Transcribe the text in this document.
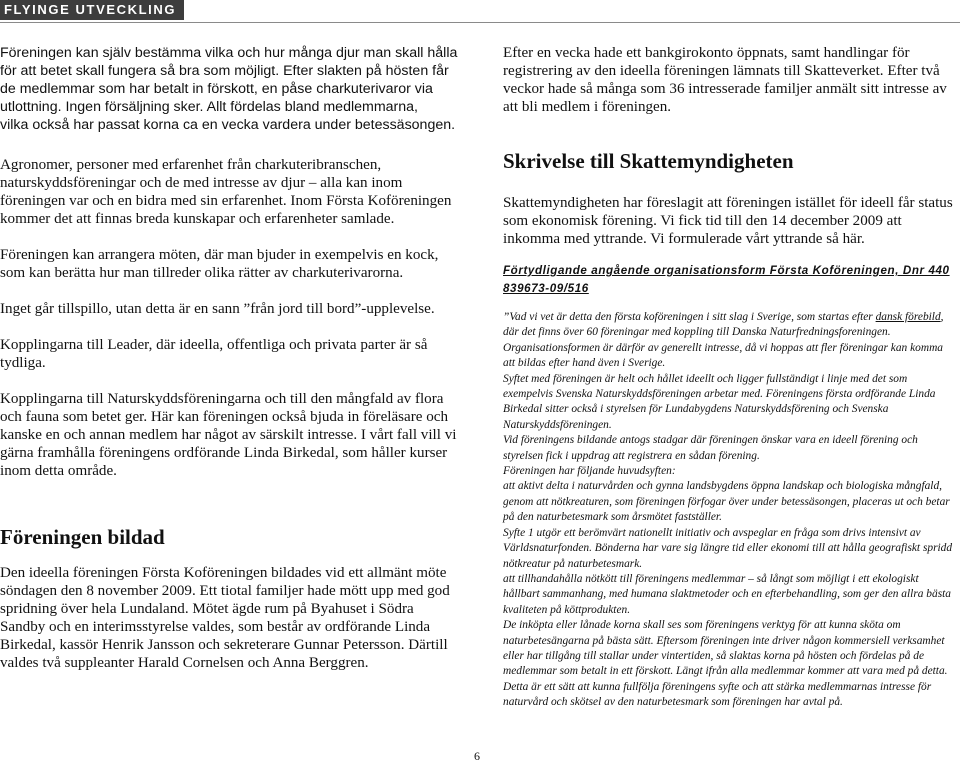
FLYINGE UTVECKLING

Föreningen kan själv bestämma vilka och hur många djur man skall hålla

för att betet skall fungera så bra som möjligt. Efter slakten på hösten får

de medlemmar som har betalt in förskott, en påse charkuterivaror via

utlottning. Ingen försäljning sker. Allt fördelas bland medlemmarna,

vilka också har passat korna ca en vecka vardera under betessäsongen.

Agronomer, personer med erfarenhet från charkuteribranschen, naturskyddsföreningar och de med intresse av djur – alla kan inom föreningen var och en bidra med sin erfarenhet. Inom Första Koföreningen kommer det att finnas breda kunskapar och erfarenheter samlade.

Föreningen kan arrangera möten, där man bjuder in exempelvis en kock, som kan berätta hur man tillreder olika rätter av charkuterivarorna.

Inget går tillspillo, utan detta är en sann ”från jord till bord”-upplevelse.

Kopplingarna till Leader, där ideella, offentliga och privata parter är så tydliga.

Kopplingarna till Naturskyddsföreningarna och till den mångfald av flora och fauna som betet ger. Här kan föreningen också bjuda in föreläsare och kanske en och annan medlem har något av särskilt intresse. I vårt fall vill vi gärna framhålla föreningens ordförande Linda Birkedal, som håller kurser inom detta område.

Föreningen bildad

Den ideella föreningen Första Koföreningen bildades vid ett allmänt möte söndagen den 8 november 2009. Ett tiotal familjer hade mött upp med god spridning över hela Lundaland. Mötet ägde rum på Byahuset i Södra Sandby och en interimsstyrelse valdes, som består av ordförande Linda Birkedal, kassör Henrik Jansson och sekreterare Gunnar Petersson. Därtill valdes två suppleanter Harald Cornelsen och Anna Berggren.

Efter en vecka hade ett bankgirokonto öppnats, samt handlingar för registrering av den ideella föreningen lämnats till Skatteverket. Efter två veckor hade så många som 36 intresserade familjer anmält sitt intresse av att bli medlem i föreningen.

Skrivelse till Skattemyndigheten

Skattemyndigheten har föreslagit att föreningen istället för ideell får status som ekonomisk förening. Vi fick tid till den 14 december 2009 att inkomma med yttrande. Vi formulerade vårt yttrande så här.

Förtydligande angående organisationsform Första Koföreningen, Dnr 440 839673-09/516

”Vad vi vet är detta den första koföreningen i sitt slag i Sverige, som startas efter dansk förebild, där det finns över 60 föreningar med koppling till Danska Naturfredningsforeningen. Organisationsformen är därför av generellt intresse, då vi hoppas att fler föreningar kan komma att bildas efter hand även i Sverige.

Syftet med föreningen är helt och hållet ideellt och ligger fullständigt i linje med det som exempelvis Svenska Naturskyddsföreningen arbetar med. Föreningens första ordförande Linda Birkedal sitter också i styrelsen för Lundabygdens Naturskyddsförening och Svenska Naturskyddsföreningen.

Vid föreningens bildande antogs stadgar där föreningen önskar vara en ideell förening och styrelsen fick i uppdrag att registrera en sådan förening.

Föreningen har följande huvudsyften:

att aktivt delta i naturvården och gynna landsbygdens öppna landskap och biologiska mångfald, genom att nötkreaturen, som föreningen förfogar över under betessäsongen, placeras ut och betar på den naturbetesmark som årsmötet fastställer.

Syfte 1 utgör ett berömvärt nationellt initiativ och avspeglar en fråga som drivs intensivt av Världsnaturfonden. Bönderna har vare sig längre tid eller ekonomi till att hålla geografiskt spridd nötkreatur på naturbetesmark.

att tillhandahålla nötkött till föreningens medlemmar – så långt som möjligt i ett ekologiskt hållbart sammanhang, med humana slaktmetoder och en efterbehandling, som ger den allra bästa kvaliteten på köttprodukten.

De inköpta eller lånade korna skall ses som föreningens verktyg för att kunna sköta om naturbetesängarna på bästa sätt. Eftersom föreningen inte driver någon kommersiell verksamhet eller har tillgång till stallar under vintertiden, så slaktas korna på hösten och fördelas på de medlemmar som betalt in ett förskott. Längt ifrån alla medlemmar kommer att vara med på detta. Detta är ett sätt att kunna fullfölja föreningens syfte och att stärka medlemmarnas intresse för naturvård och skötsel av den naturbetesmark som föreningen har avtal på.

6
